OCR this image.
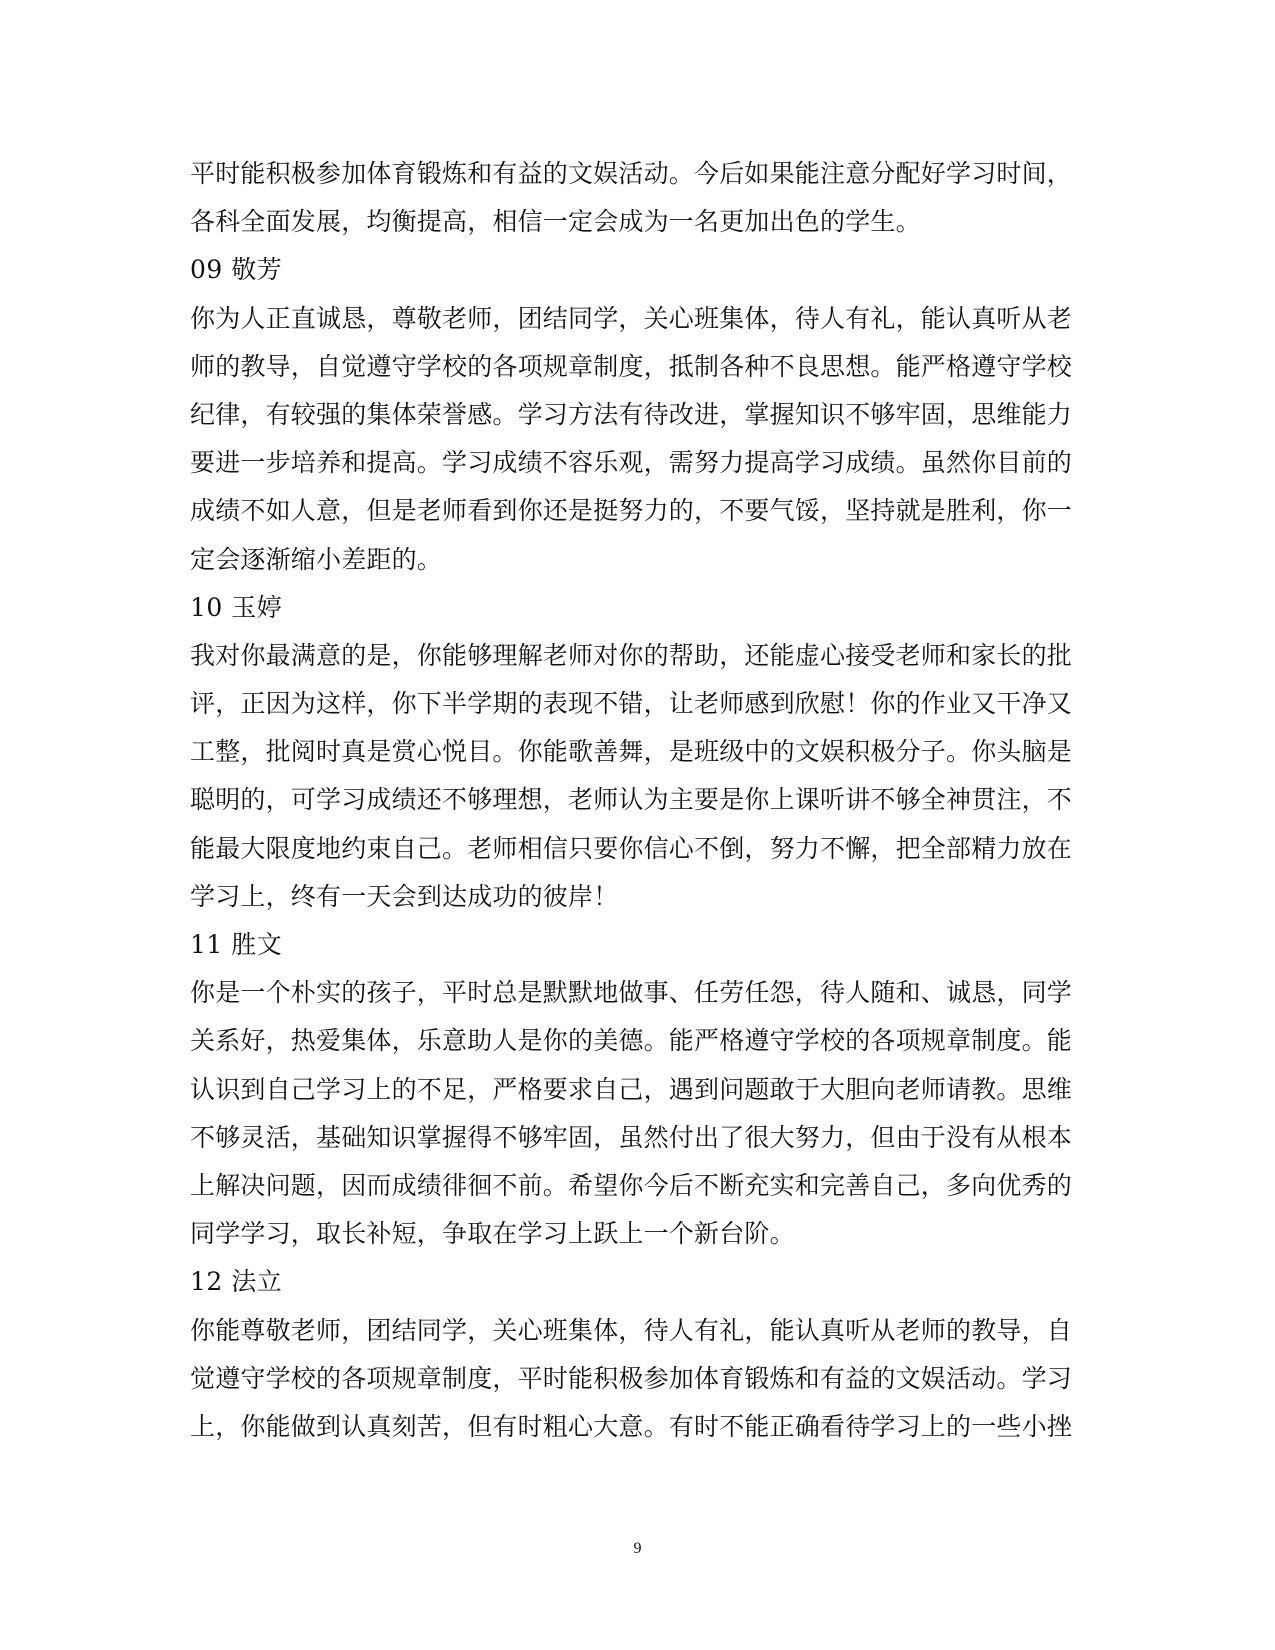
平时能积极参加体育锻炼和有益的文娱活动。今后如果能注意分配好学习时间，
各科全面发展，均衡提高，相信一定会成为一名更加出色的学生。
09 敬芳
你为人正直诚恳，尊敬老师，团结同学，关心班集体，待人有礼，能认真听从老
师的教导，自觉遵守学校的各项规章制度，抵制各种不良思想。能严格遵守学校
纪律，有较强的集体荣誉感。学习方法有待改进，掌握知识不够牢固，思维能力
要进一步培养和提高。学习成绩不容乐观，需努力提高学习成绩。虽然你目前的
成绩不如人意，但是老师看到你还是挺努力的，不要气馁，坚持就是胜利，你一
定会逐渐缩小差距的。
10 玉婷
我对你最满意的是，你能够理解老师对你的帮助，还能虚心接受老师和家长的批
评，正因为这样，你下半学期的表现不错，让老师感到欣慰！你的作业又干净又
工整，批阅时真是赏心悦目。你能歌善舞，是班级中的文娱积极分子。你头脑是
聪明的，可学习成绩还不够理想，老师认为主要是你上课听讲不够全神贯注，不
能最大限度地约束自己。老师相信只要你信心不倒，努力不懈，把全部精力放在
学习上，终有一天会到达成功的彼岸！
11 胜文
你是一个朴实的孩子，平时总是默默地做事、任劳任怨，待人随和、诚恳，同学
关系好，热爱集体，乐意助人是你的美德。能严格遵守学校的各项规章制度。能
认识到自己学习上的不足，严格要求自己，遇到问题敢于大胆向老师请教。思维
不够灵活，基础知识掌握得不够牢固，虽然付出了很大努力，但由于没有从根本
上解决问题，因而成绩徘徊不前。希望你今后不断充实和完善自己，多向优秀的
同学学习，取长补短，争取在学习上跃上一个新台阶。
12 法立
你能尊敬老师，团结同学，关心班集体，待人有礼，能认真听从老师的教导，自
觉遵守学校的各项规章制度，平时能积极参加体育锻炼和有益的文娱活动。学习
上，你能做到认真刻苦，但有时粗心大意。有时不能正确看待学习上的一些小挫
9
